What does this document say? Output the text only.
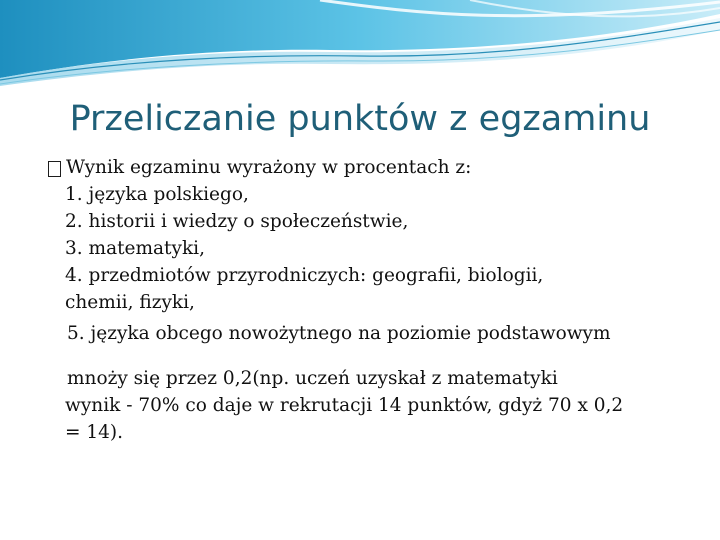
Przeliczanie punktów z egzaminu
Wynik egzaminu wyrażony w procentach z:
1. języka polskiego,
2. historii i wiedzy o społeczeństwie,
3. matematyki,
4. przedmiotów przyrodniczych: geografii, biologii,
chemii, fizyki,
5. języka obcego nowożytnego na poziomie podstawowym
mnoży się przez 0,2(np. uczeń uzyskał z matematyki
wynik - 70% co daje w rekrutacji 14 punktów, gdyż 70 x 0,2
= 14).
